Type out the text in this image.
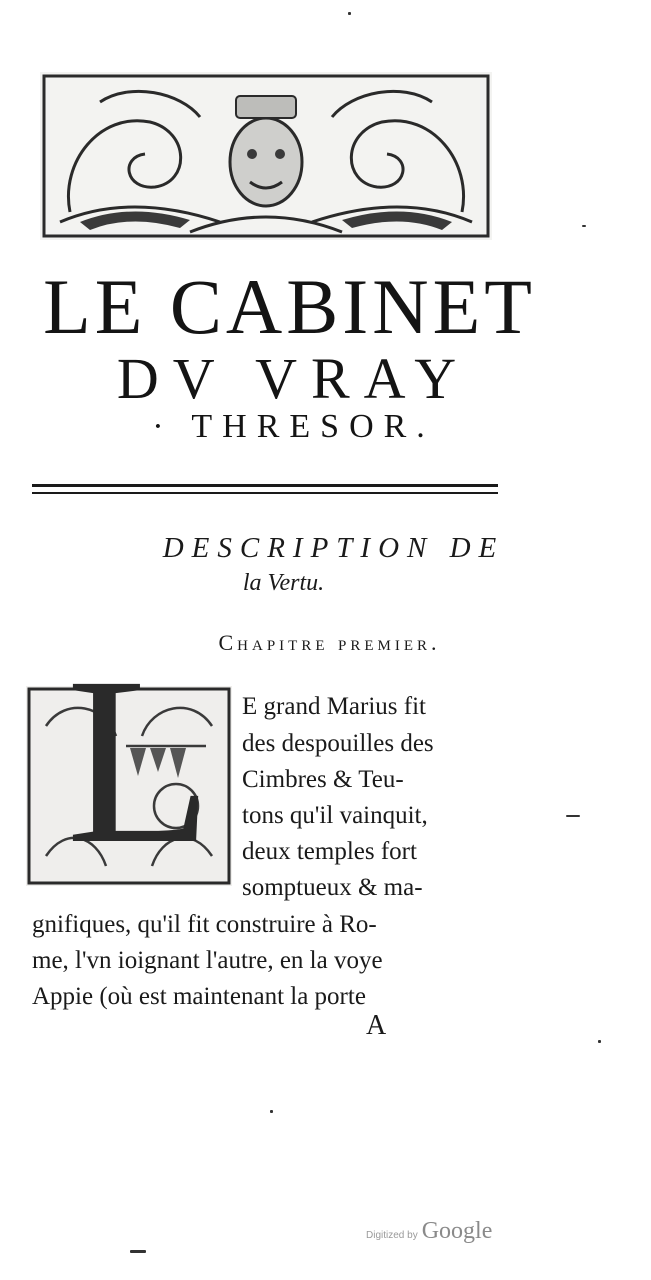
LE CABINET
DV VRAY
· THRESOR.
DESCRIPTION DE
la Vertu.
Chapitre premier.
L E grand Marius fit
des despouilles des
Cimbres & Teu-
tons qu'il vainquit,
deux temples fort
somptueux & ma-
gnifiques, qu'il fit construire à Ro-
me, l'vn ioignant l'autre, en la voye
Appie (où est maintenant la porte
A
Digitized by Google
